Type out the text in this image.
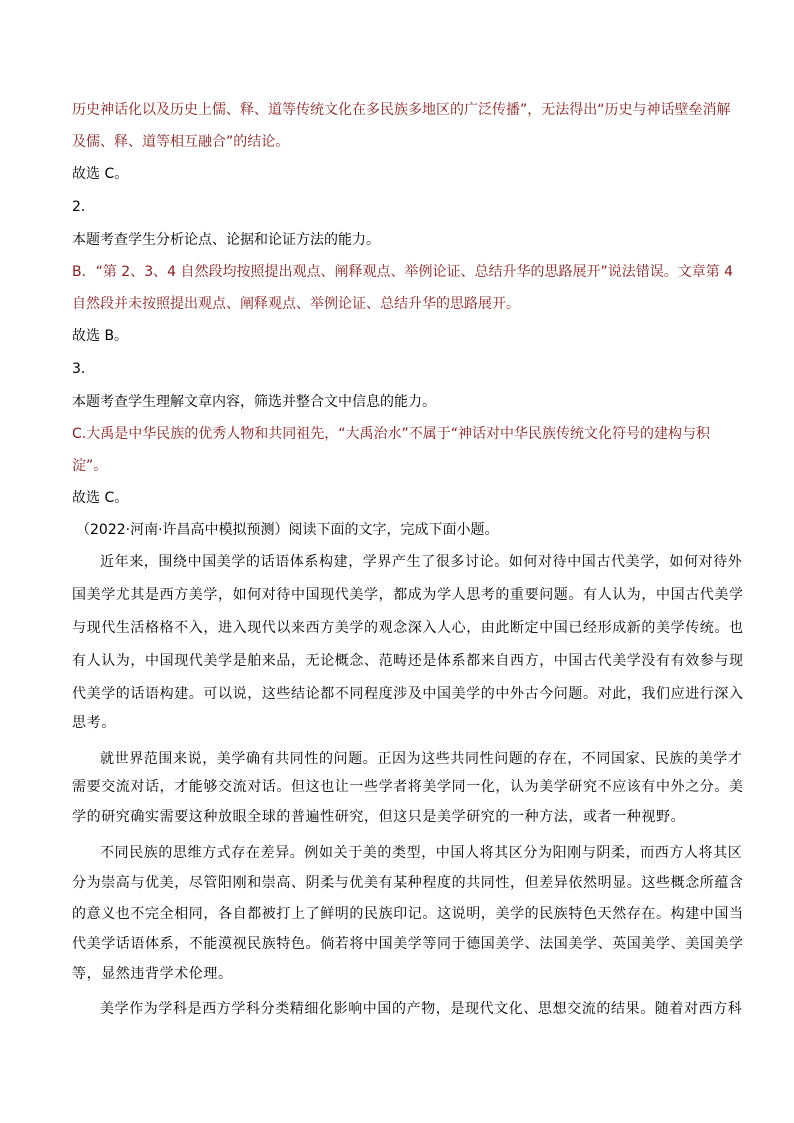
历史神话化以及历史上儒、释、道等传统文化在多民族多地区的广泛传播”，无法得出“历史与神话壁垒消解
及儒、释、道等相互融合”的结论。
故选 C。
2．
本题考查学生分析论点、论据和论证方法的能力。
B．“第 2、3、4 自然段均按照提出观点、阐释观点、举例论证、总结升华的思路展开”说法错误。文章第 4
自然段并未按照提出观点、阐释观点、举例论证、总结升华的思路展开。
故选 B。
3．
本题考查学生理解文章内容，筛选并整合文中信息的能力。
C.大禹是中华民族的优秀人物和共同祖先，“大禹治水”不属于“神话对中华民族传统文化符号的建构与积
淀”。
故选 C。
（2022·河南·许昌高中模拟预测）阅读下面的文字，完成下面小题。
近年来，围绕中国美学的话语体系构建，学界产生了很多讨论。如何对待中国古代美学，如何对待外
国美学尤其是西方美学，如何对待中国现代美学，都成为学人思考的重要问题。有人认为，中国古代美学
与现代生活格格不入，进入现代以来西方美学的观念深入人心，由此断定中国已经形成新的美学传统。也
有人认为，中国现代美学是舶来品，无论概念、范畴还是体系都来自西方，中国古代美学没有有效参与现
代美学的话语构建。可以说，这些结论都不同程度涉及中国美学的中外古今问题。对此，我们应进行深入
思考。
就世界范围来说，美学确有共同性的问题。正因为这些共同性问题的存在，不同国家、民族的美学才
需要交流对话，才能够交流对话。但这也让一些学者将美学同一化，认为美学研究不应该有中外之分。美
学的研究确实需要这种放眼全球的普遍性研究，但这只是美学研究的一种方法，或者一种视野。
不同民族的思维方式存在差异。例如关于美的类型，中国人将其区分为阳刚与阴柔，而西方人将其区
分为崇高与优美，尽管阳刚和崇高、阴柔与优美有某种程度的共同性，但差异依然明显。这些概念所蕴含
的意义也不完全相同，各自都被打上了鲜明的民族印记。这说明，美学的民族特色天然存在。构建中国当
代美学话语体系，不能漠视民族特色。倘若将中国美学等同于德国美学、法国美学、英国美学、美国美学
等，显然违背学术伦理。
美学作为学科是西方学科分类精细化影响中国的产物，是现代文化、思想交流的结果。随着对西方科
